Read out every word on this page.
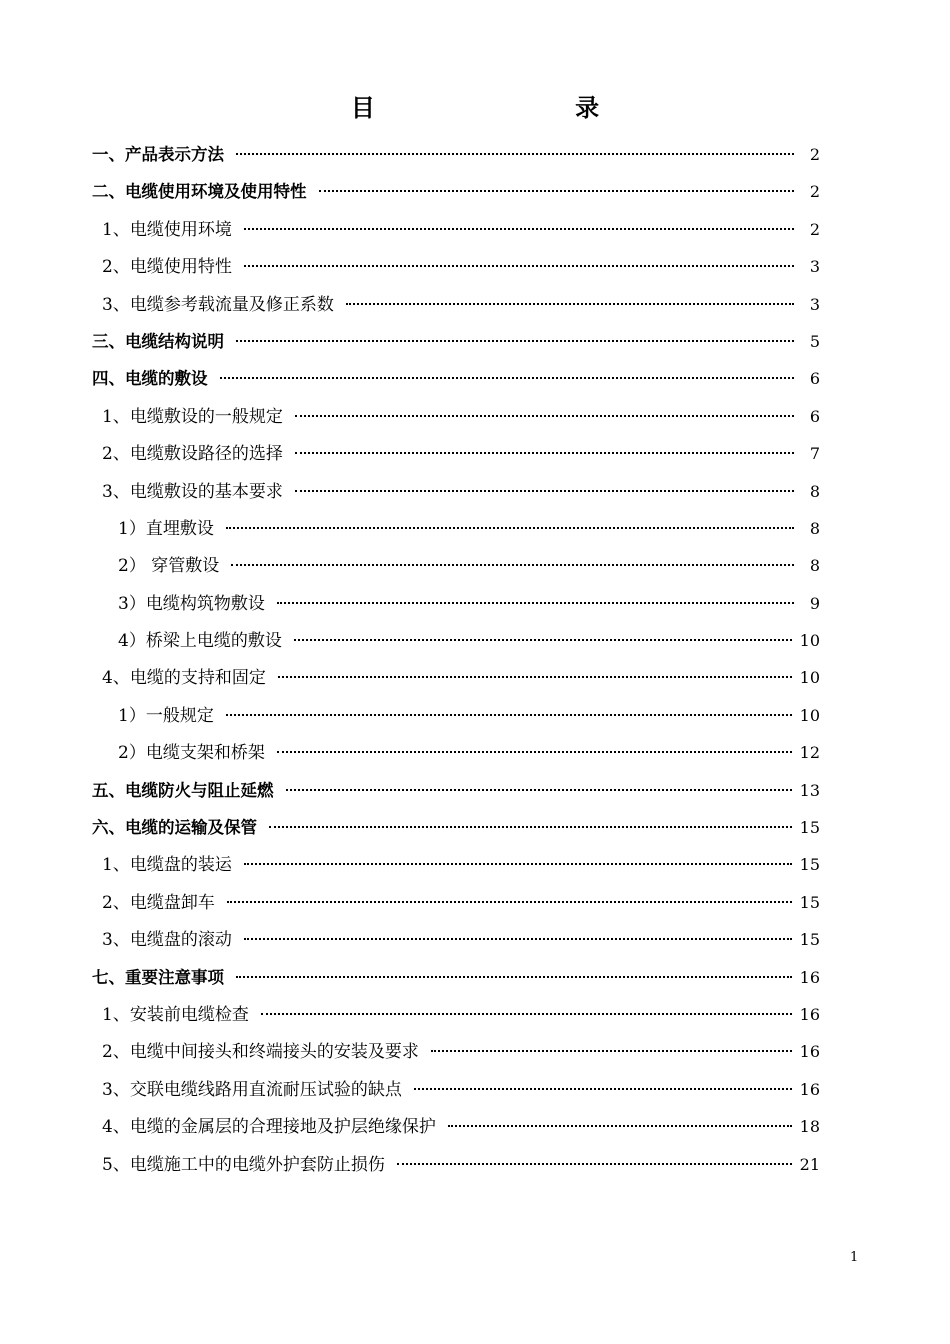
目 录
一、产品表示方法	2
二、电缆使用环境及使用特性	2
1、电缆使用环境	2
2、电缆使用特性	3
3、电缆参考载流量及修正系数	3
三、电缆结构说明	5
四、电缆的敷设	6
1、电缆敷设的一般规定	6
2、电缆敷设路径的选择	7
3、电缆敷设的基本要求	8
1）直埋敷设	8
2） 穿管敷设	8
3）电缆构筑物敷设	9
4）桥梁上电缆的敷设	10
4、电缆的支持和固定	10
1）一般规定	10
2）电缆支架和桥架	12
五、电缆防火与阻止延燃	13
六、电缆的运输及保管	15
1、电缆盘的装运	15
2、电缆盘卸车	15
3、电缆盘的滚动	15
七、重要注意事项	16
1、安装前电缆检查	16
2、电缆中间接头和终端接头的安装及要求	16
3、交联电缆线路用直流耐压试验的缺点	16
4、电缆的金属层的合理接地及护层绝缘保护	18
5、电缆施工中的电缆外护套防止损伤	21
1
